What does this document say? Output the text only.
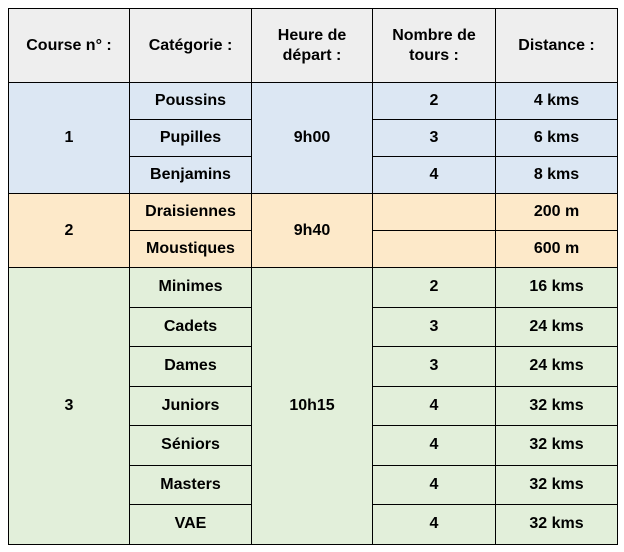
Course n° :	Catégorie :	Heure de départ :	Nombre de tours :	Distance :
1	Poussins	9h00	2	4 kms
	Pupilles		3	6 kms
	Benjamins		4	8 kms
2	Draisiennes	9h40		200 m
	Moustiques			600 m
3	Minimes	10h15	2	16 kms
	Cadets		3	24 kms
	Dames		3	24 kms
	Juniors		4	32 kms
	Séniors		4	32 kms
	Masters		4	32 kms
	VAE		4	32 kms
